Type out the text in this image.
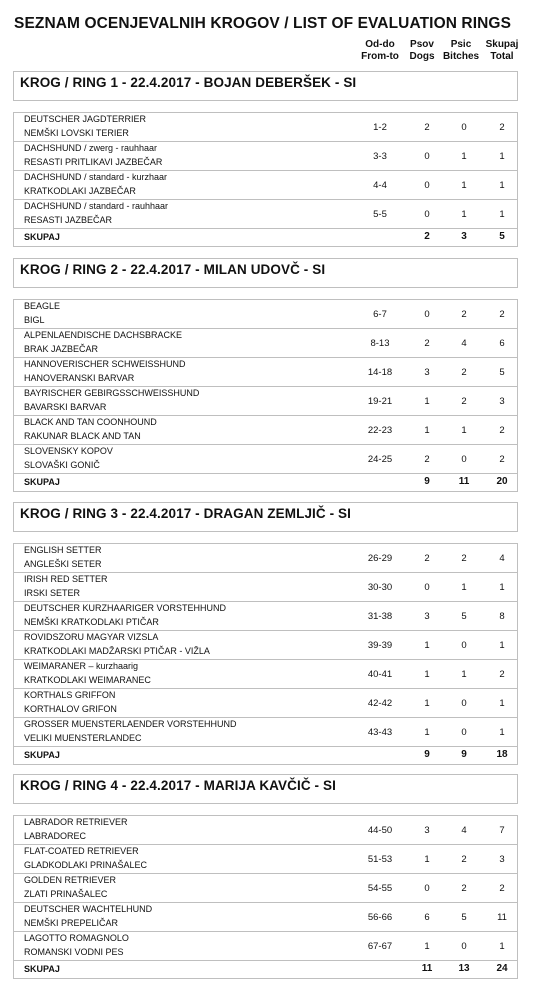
SEZNAM OCENJEVALNIH KROGOV / LIST OF EVALUATION RINGS
Od-do
From-to
Psov
Dogs
Psic
Bitches
Skupaj
Total
KROG / RING 1 - 22.4.2017 - BOJAN DEBERŠEK - SI
DEUTSCHER JAGDTERRIER
NEMŠKI LOVSKI TERIER	1-2	2	0	2
DACHSHUND / zwerg - rauhhaar
RESASTI PRITLIKAVI JAZBEČAR	3-3	0	1	1
DACHSHUND / standard - kurzhaar
KRATKODLAKI JAZBEČAR	4-4	0	1	1
DACHSHUND / standard - rauhhaar
RESASTI JAZBEČAR	5-5	0	1	1
SKUPAJ	2	3	5
KROG / RING 2 - 22.4.2017 - MILAN UDOVČ - SI
BEAGLE
BIGL	6-7	0	2	2
ALPENLAENDISCHE DACHSBRACKE
BRAK JAZBEČAR	8-13	2	4	6
HANNOVERISCHER SCHWEISSHUND
HANOVERANSKI BARVAR	14-18	3	2	5
BAYRISCHER GEBIRGSSCHWEISSHUND
BAVARSKI BARVAR	19-21	1	2	3
BLACK AND TAN COONHOUND
RAKUNAR BLACK AND TAN	22-23	1	1	2
SLOVENSKY KOPOV
SLOVAŠKI GONIČ	24-25	2	0	2
SKUPAJ	9	11	20
KROG / RING 3 - 22.4.2017 - DRAGAN ZEMLJIČ - SI
ENGLISH SETTER
ANGLEŠKI SETER	26-29	2	2	4
IRISH RED SETTER
IRSKI SETER	30-30	0	1	1
DEUTSCHER KURZHAARIGER VORSTEHHUND
NEMŠKI KRATKODLAKI PTIČAR	31-38	3	5	8
ROVIDSZORU MAGYAR VIZSLA
KRATKODLAKI MADŽARSKI PTIČAR - VIŽLA	39-39	1	0	1
WEIMARANER – kurzhaarig
KRATKODLAKI WEIMARANEC	40-41	1	1	2
KORTHALS GRIFFON
KORTHALOV GRIFON	42-42	1	0	1
GROSSER MUENSTERLAENDER VORSTEHHUND
VELIKI MUENSTERLANDEC	43-43	1	0	1
SKUPAJ	9	9	18
KROG / RING 4 - 22.4.2017 - MARIJA KAVČIČ - SI
LABRADOR RETRIEVER
LABRADOREC	44-50	3	4	7
FLAT-COATED RETRIEVER
GLADKODLAKI PRINAŠALEC	51-53	1	2	3
GOLDEN RETRIEVER
ZLATI PRINAŠALEC	54-55	0	2	2
DEUTSCHER WACHTELHUND
NEMŠKI PREPELIČAR	56-66	6	5	11
LAGOTTO ROMAGNOLO
ROMANSKI VODNI PES	67-67	1	0	1
SKUPAJ	11	13	24
